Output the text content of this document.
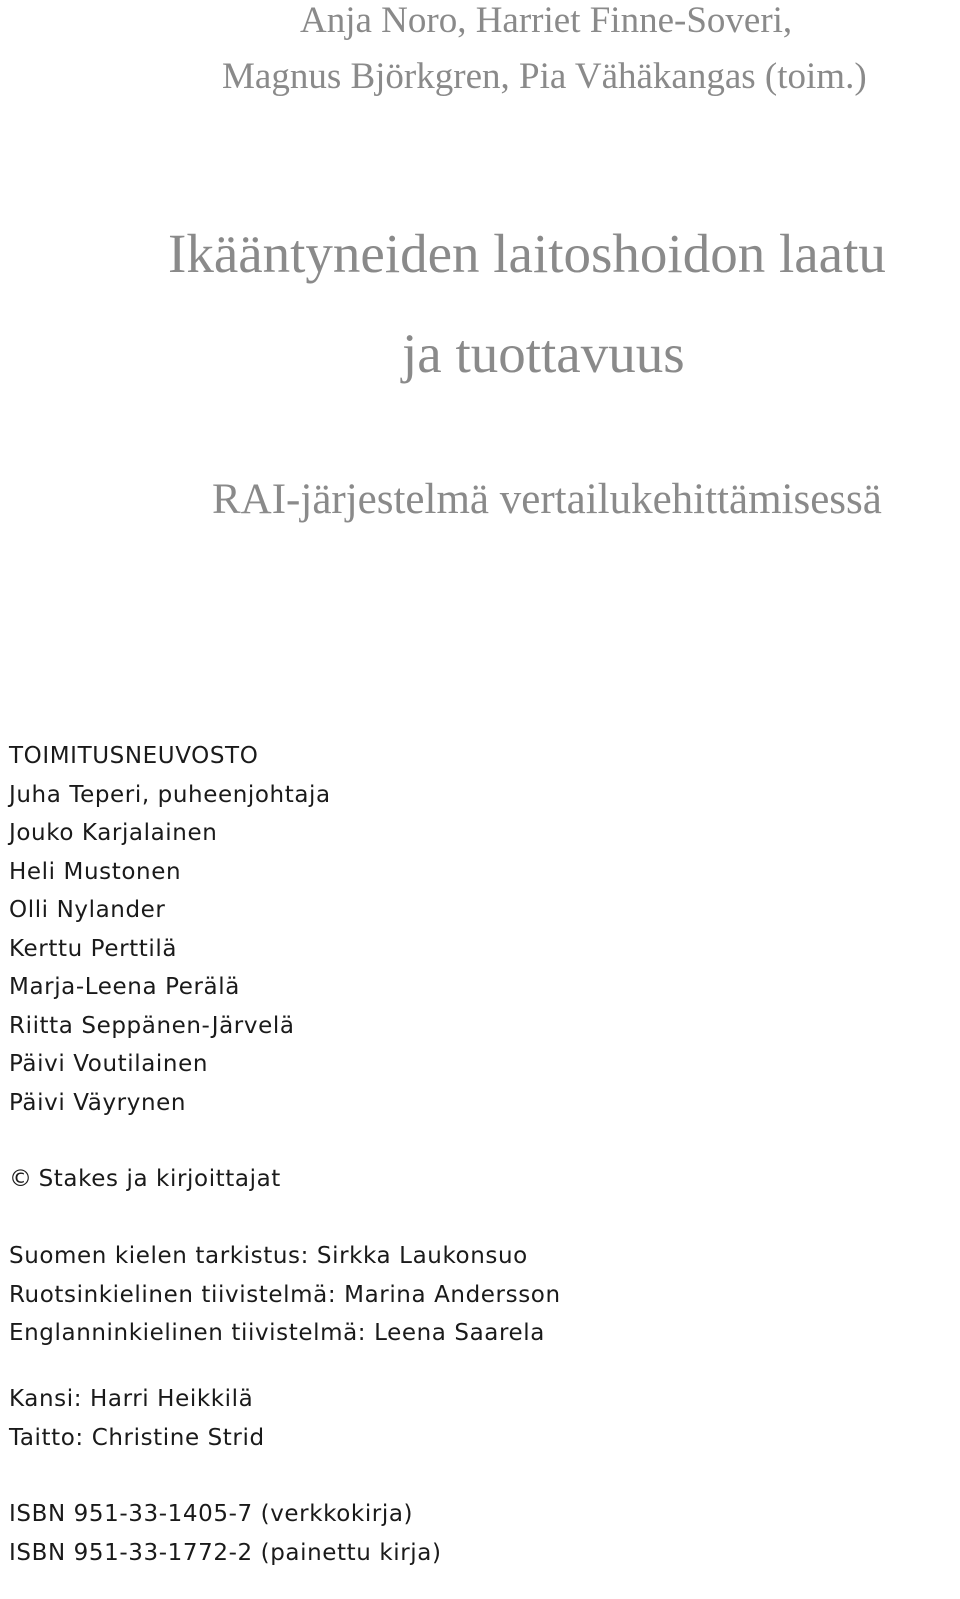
Anja Noro, Harriet Finne-Soveri,
Magnus Björkgren, Pia Vähäkangas (toim.)
Ikääntyneiden laitoshoidon laatu
ja tuottavuus
RAI-järjestelmä vertailukehittämisessä
TOIMITUSNEUVOSTO
Juha Teperi, puheenjohtaja
Jouko Karjalainen
Heli Mustonen
Olli Nylander
Kerttu Perttilä
Marja-Leena Perälä
Riitta Seppänen-Järvelä
Päivi Voutilainen
Päivi Väyrynen
© Stakes ja kirjoittajat
Suomen kielen tarkistus: Sirkka Laukonsuo
Ruotsinkielinen tiivistelmä: Marina Andersson
Englanninkielinen tiivistelmä: Leena Saarela
Kansi: Harri Heikkilä
Taitto: Christine Strid
ISBN 951-33-1405-7 (verkkokirja)
ISBN 951-33-1772-2 (painettu kirja)
